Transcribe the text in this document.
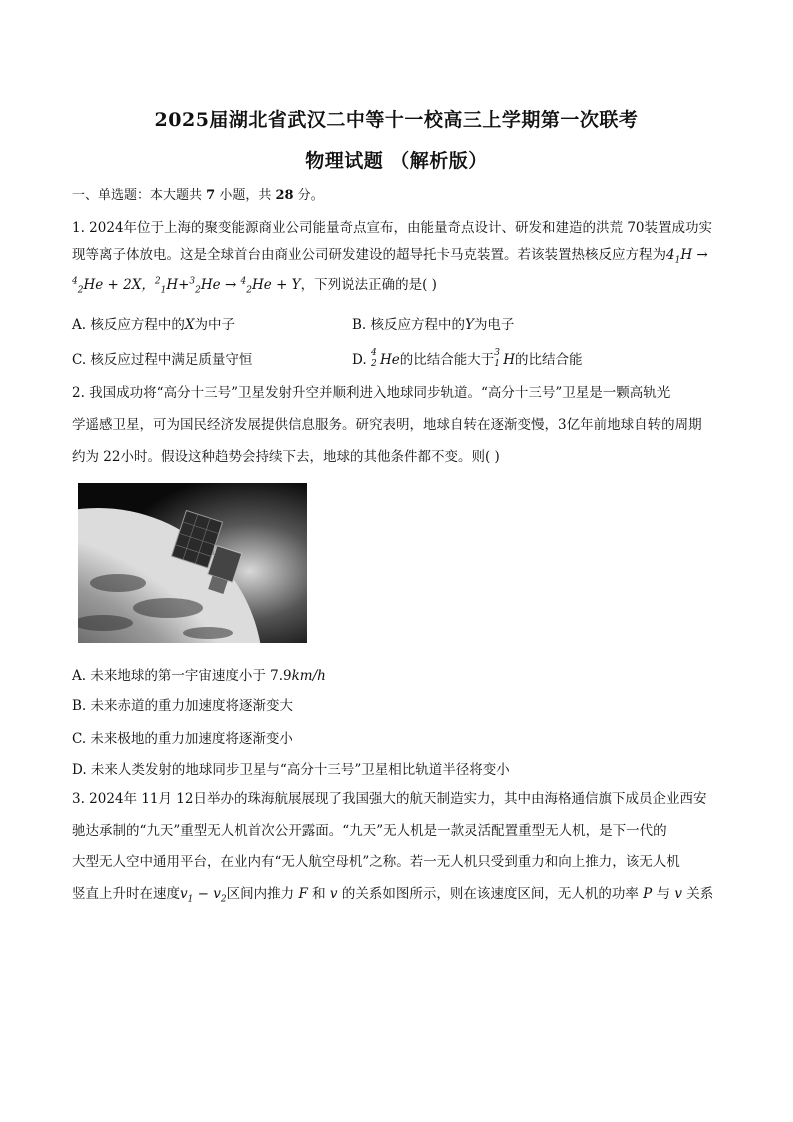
2025届湖北省武汉二中等十一校高三上学期第一次联考
物理试题 （解析版）
一、单选题：本大题共 7 小题，共 28 分。
1. 2024年位于上海的聚变能源商业公司能量奇点宣布，由能量奇点设计、研发和建造的洪荒 70装置成功实
现等离子体放电。这是全球首台由商业公司研发建设的超导托卡马克装置。若该装置热核反应方程为$4_1H$ →
$^4_2$He + 2X，$^2_1$H+$^3_2$He → $^4_2$He + Y，下列说法正确的是( )
A. 核反应方程中的X为中子	B. 核反应方程中的Y为电子
C. 核反应过程中满足质量守恒	D. 4
2 He的比结合能大于 3
1 H的比结合能
2. 我国成功将“高分十三号”卫星发射升空并顺利进入地球同步轨道。“高分十三号”卫星是一颗高轨光
学遥感卫星，可为国民经济发展提供信息服务。研究表明，地球自转在逐渐变慢，3亿年前地球自转的周期
约为 22小时。假设这种趋势会持续下去，地球的其他条件都不变。则( )
A. 未来地球的第一宇宙速度小于 7.9km/h
B. 未来赤道的重力加速度将逐渐变大
C. 未来极地的重力加速度将逐渐变小
D. 未来人类发射的地球同步卫星与“高分十三号”卫星相比轨道半径将变小
3. 2024年 11月 12日举办的珠海航展展现了我国强大的航天制造实力，其中由海格通信旗下成员企业西安
驰达承制的“九天”重型无人机首次公开露面。“九天”无人机是一款灵活配置重型无人机，是下一代的
大型无人空中通用平台，在业内有“无人航空母机”之称。若一无人机只受到重力和向上推力，该无人机
竖直上升时在速度$v_1 - v_2$区间内推力 F 和 v 的关系如图所示，则在该速度区间，无人机的功率 P 与 v 关系
